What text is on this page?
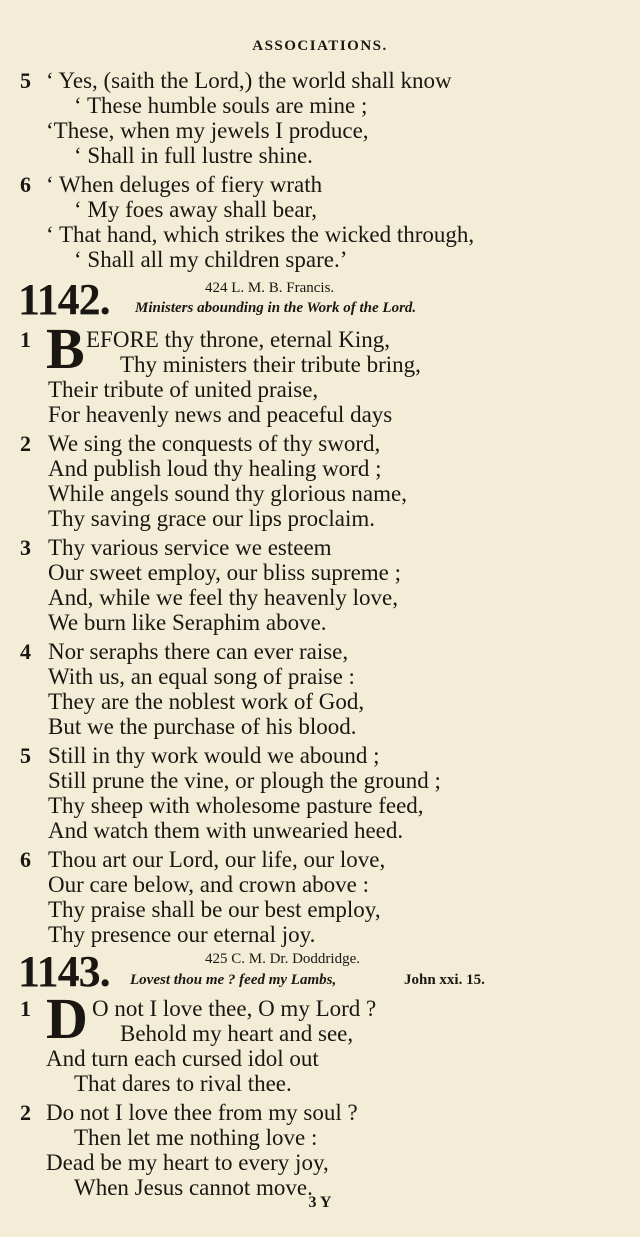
ASSOCIATIONS.
5 ‘ Yes, (saith the Lord,) the world shall know
‘ These humble souls are mine ;
‘These, when my jewels I produce,
‘ Shall in full lustre shine.
6 ‘ When deluges of fiery wrath
‘ My foes away shall bear,
‘ That hand, which strikes the wicked through,
‘ Shall all my children spare.’
1142.	424 L. M. B. Francis.
Ministers abounding in the Work of the Lord.
1 B EFORE thy throne, eternal King,
Thy ministers their tribute bring,
Their tribute of united praise,
For heavenly news and peaceful days
2 We sing the conquests of thy sword,
And publish loud thy healing word ;
While angels sound thy glorious name,
Thy saving grace our lips proclaim.
3 Thy various service we esteem
Our sweet employ, our bliss supreme ;
And, while we feel thy heavenly love,
We burn like Seraphim above.
4 Nor seraphs there can ever raise,
With us, an equal song of praise :
They are the noblest work of God,
But we the purchase of his blood.
5 Still in thy work would we abound ;
Still prune the vine, or plough the ground ;
Thy sheep with wholesome pasture feed,
And watch them with unwearied heed.
6 Thou art our Lord, our life, our love,
Our care below, and crown above :
Thy praise shall be our best employ,
Thy presence our eternal joy.
1143.	425 C. M. Dr. Doddridge.
Lovest thou me ? feed my Lambs,	John xxi. 15.
1 D O not I love thee, O my Lord ?
Behold my heart and see,
And turn each cursed idol out
That dares to rival thee.
2 Do not I love thee from my soul ?
Then let me nothing love :
Dead be my heart to every joy,
When Jesus cannot move.
3 Y
